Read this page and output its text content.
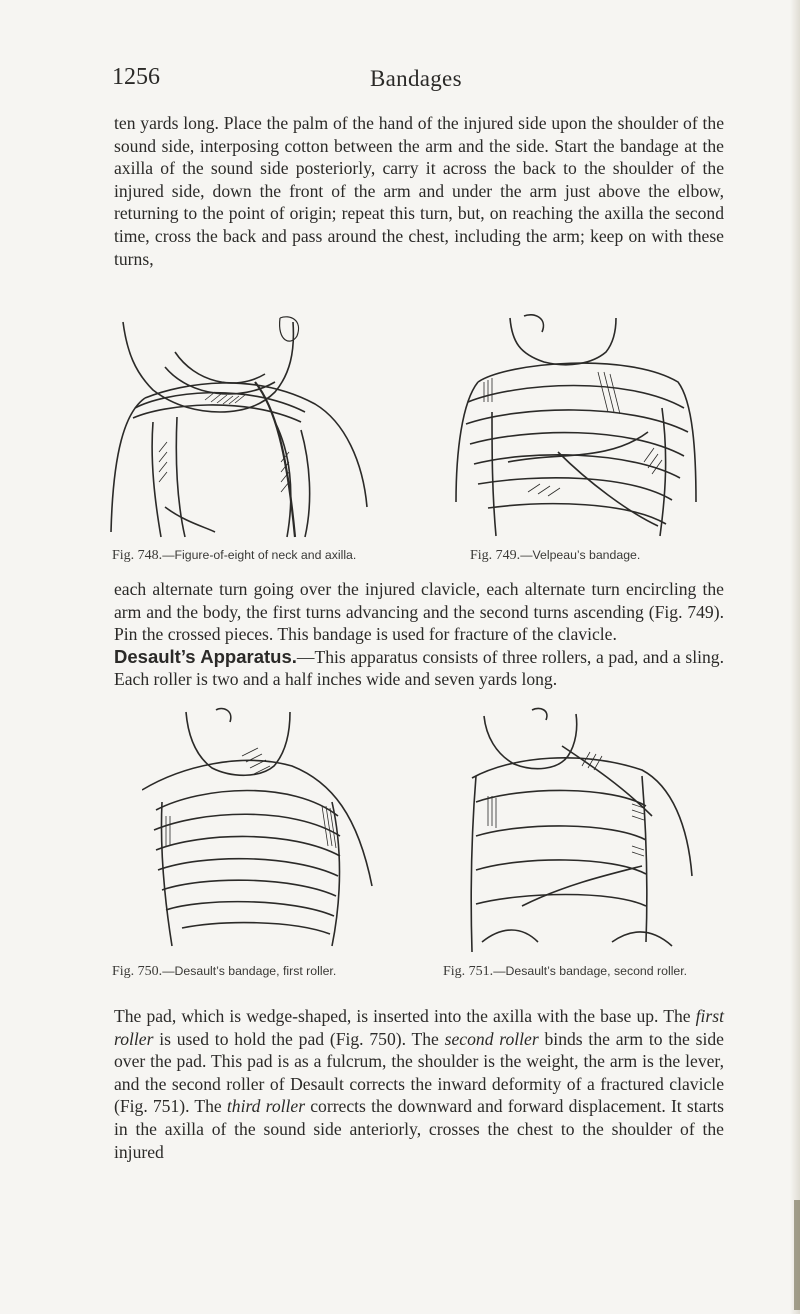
1256	Bandages

ten yards long. Place the palm of the hand of the injured side upon the shoulder of the sound side, interposing cotton between the arm and the side. Start the bandage at the axilla of the sound side posteriorly, carry it across the back to the shoulder of the injured side, down the front of the arm and under the arm just above the elbow, returning to the point of origin; repeat this turn, but, on reaching the axilla the second time, cross the back and pass around the chest, including the arm; keep on with these turns,

Fig. 748.—Figure-of-eight of neck and axilla.	Fig. 749.—Velpeau’s bandage.

each alternate turn going over the injured clavicle, each alternate turn encircling the arm and the body, the first turns advancing and the second turns ascending (Fig. 749). Pin the crossed pieces. This bandage is used for fracture of the clavicle.
Desault’s Apparatus.—This apparatus consists of three rollers, a pad, and a sling. Each roller is two and a half inches wide and seven yards long.

Fig. 750.—Desault’s bandage, first roller.	Fig. 751.—Desault’s bandage, second roller.

The pad, which is wedge-shaped, is inserted into the axilla with the base up. The first roller is used to hold the pad (Fig. 750). The second roller binds the arm to the side over the pad. This pad is as a fulcrum, the shoulder is the weight, the arm is the lever, and the second roller of Desault corrects the inward deformity of a fractured clavicle (Fig. 751). The third roller corrects the downward and forward displacement. It starts in the axilla of the sound side anteriorly, crosses the chest to the shoulder of the injured
